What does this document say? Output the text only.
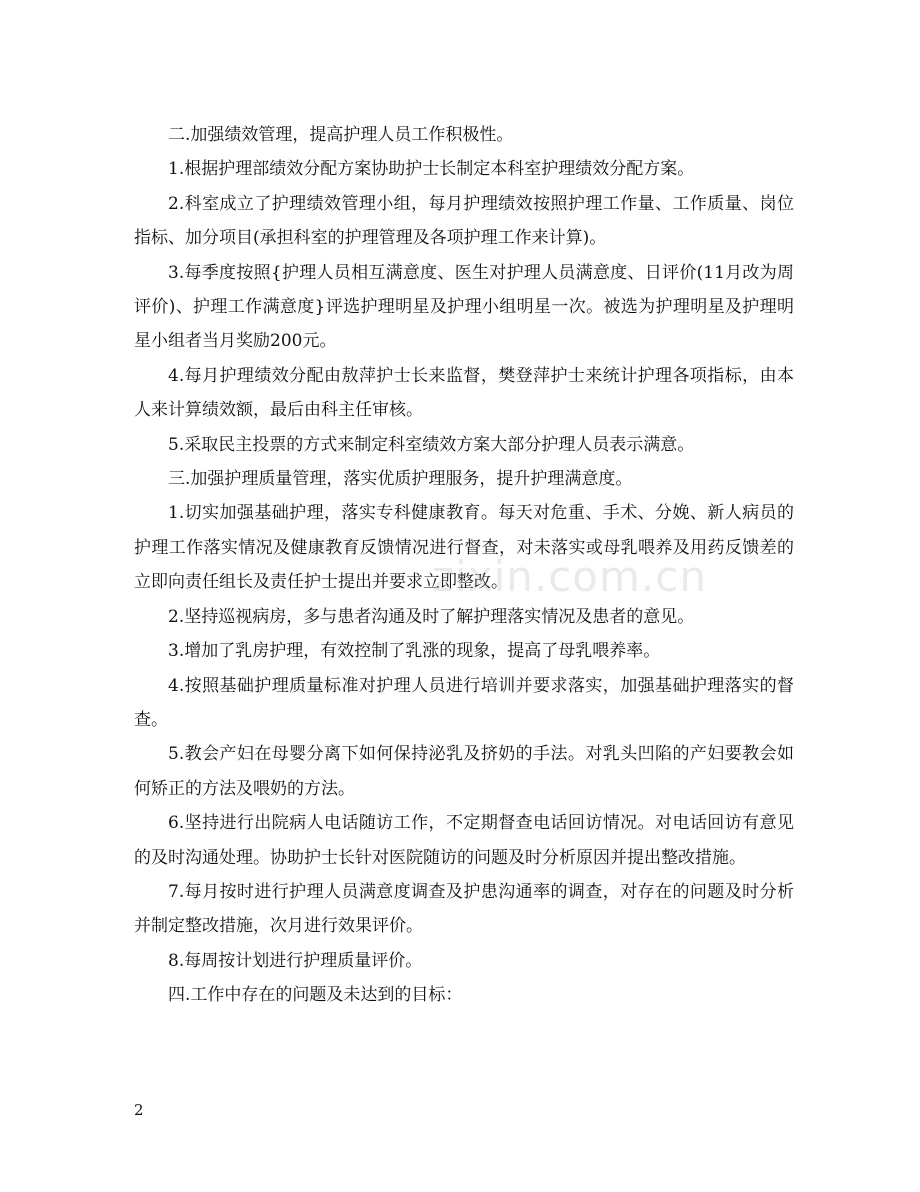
二.加强绩效管理，提高护理人员工作积极性。

1.根据护理部绩效分配方案协助护士长制定本科室护理绩效分配方案。

2.科室成立了护理绩效管理小组，每月护理绩效按照护理工作量、工作质量、岗位指标、加分项目(承担科室的护理管理及各项护理工作来计算)。

3.每季度按照{护理人员相互满意度、医生对护理人员满意度、日评价(11月改为周评价)、护理工作满意度}评选护理明星及护理小组明星一次。被选为护理明星及护理明星小组者当月奖励200元。

4.每月护理绩效分配由敖萍护士长来监督，樊登萍护士来统计护理各项指标，由本人来计算绩效额，最后由科主任审核。

5.采取民主投票的方式来制定科室绩效方案大部分护理人员表示满意。

三.加强护理质量管理，落实优质护理服务，提升护理满意度。

1.切实加强基础护理，落实专科健康教育。每天对危重、手术、分娩、新人病员的护理工作落实情况及健康教育反馈情况进行督查，对未落实或母乳喂养及用药反馈差的立即向责任组长及责任护士提出并要求立即整改。

2.坚持巡视病房，多与患者沟通及时了解护理落实情况及患者的意见。

3.增加了乳房护理，有效控制了乳涨的现象，提高了母乳喂养率。

4.按照基础护理质量标准对护理人员进行培训并要求落实，加强基础护理落实的督查。

5.教会产妇在母婴分离下如何保持泌乳及挤奶的手法。对乳头凹陷的产妇要教会如何矫正的方法及喂奶的方法。

6.坚持进行出院病人电话随访工作，不定期督查电话回访情况。对电话回访有意见的及时沟通处理。协助护士长针对医院随访的问题及时分析原因并提出整改措施。

7.每月按时进行护理人员满意度调查及护患沟通率的调查，对存在的问题及时分析并制定整改措施，次月进行效果评价。

8.每周按计划进行护理质量评价。

四.工作中存在的问题及未达到的目标：

zixin.com.cn
2
